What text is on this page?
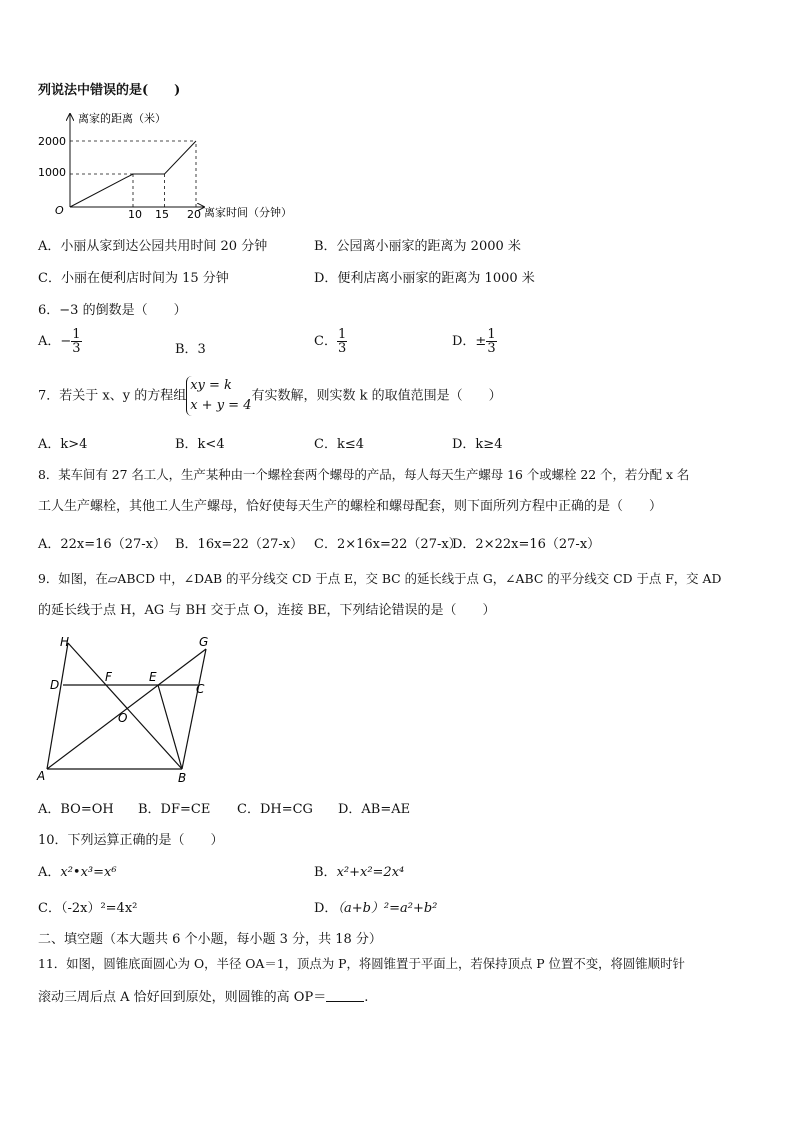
列说法中错误的是(　　)
离家的距离（米）
离家时间（分钟）
O
2000
1000
10 15 20
A．小丽从家到达公园共用时间 20 分钟	B．公园离小丽家的距离为 2000 米
C．小丽在便利店时间为 15 分钟	D．便利店离小丽家的距离为 1000 米
6．−3 的倒数是（　　）
A．− $\frac{1}{3}$	B．3
C． $\frac{1}{3}$	D．± $\frac{1}{3}$
7．若关于 x、y 的方程组
xy = k
x + y = 4
有实数解，则实数 k 的取值范围是（　　）
A．k>4	B．k<4	C．k≤4	D．k≥4
8．某车间有 27 名工人，生产某种由一个螺栓套两个螺母的产品，每人每天生产螺母 16 个或螺栓 22 个，若分配 x 名
工人生产螺栓，其他工人生产螺母，恰好使每天生产的螺栓和螺母配套，则下面所列方程中正确的是（　　）
A．22x=16（27-x） B．16x=22（27-x） C．2×16x=22（27-x）
D．2×22x=16（27-x）
9．如图，在▱ABCD 中，∠DAB 的平分线交 CD 于点 E，交 BC 的延长线于点 G，∠ABC 的平分线交 CD 于点 F，交 AD
的延长线于点 H，AG 与 BH 交于点 O，连接 BE，下列结论错误的是（　　）
H	G
D
F	E
C
O
A	B
A．BO=OH B．DF=CE C．DH=CG D．AB=AE
10．下列运算正确的是（　　）
A．x²•x³=x⁶	B．x²+x²=2x⁴
C．（-2x）²=4x²	D．（a+b）²=a²+b²
二、填空题（本大题共 6 个小题，每小题 3 分，共 18 分）
11．如图，圆锥底面圆心为 O，半径 OA＝1，顶点为 P，将圆锥置于平面上，若保持顶点 P 位置不变，将圆锥顺时针
滚动三周后点 A 恰好回到原处，则圆锥的高 OP＝	.
